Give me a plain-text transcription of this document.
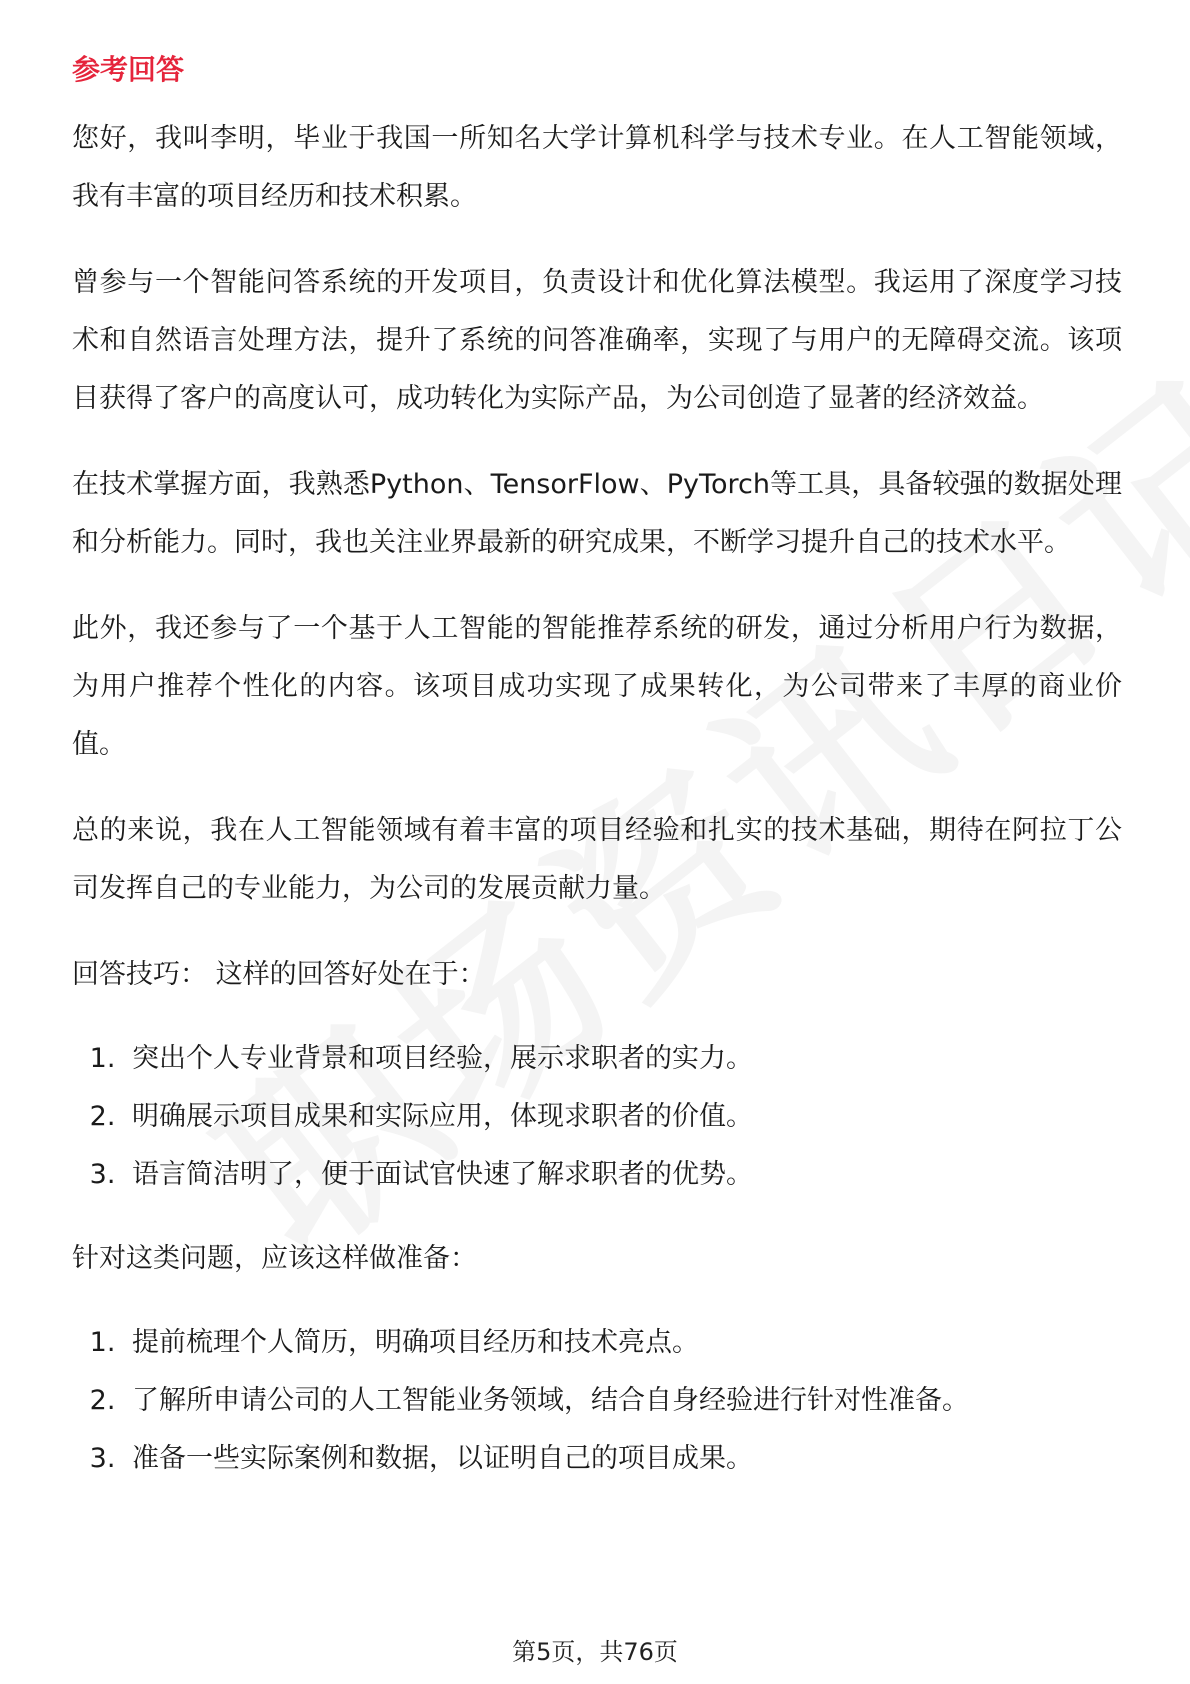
参考回答

您好，我叫李明，毕业于我国一所知名大学计算机科学与技术专业。在人工智能领域，我有丰富的项目经历和技术积累。

曾参与一个智能问答系统的开发项目，负责设计和优化算法模型。我运用了深度学习技术和自然语言处理方法，提升了系统的问答准确率，实现了与用户的无障碍交流。该项目获得了客户的高度认可，成功转化为实际产品，为公司创造了显著的经济效益。

在技术掌握方面，我熟悉Python、TensorFlow、PyTorch等工具，具备较强的数据处理和分析能力。同时，我也关注业界最新的研究成果，不断学习提升自己的技术水平。

此外，我还参与了一个基于人工智能的智能推荐系统的研发，通过分析用户行为数据，为用户推荐个性化的内容。该项目成功实现了成果转化，为公司带来了丰厚的商业价值。

总的来说，我在人工智能领域有着丰富的项目经验和扎实的技术基础，期待在阿拉丁公司发挥自己的专业能力，为公司的发展贡献力量。

回答技巧： 这样的回答好处在于：
1. 突出个人专业背景和项目经验，展示求职者的实力。
2. 明确展示项目成果和实际应用，体现求职者的价值。
3. 语言简洁明了，便于面试官快速了解求职者的优势。
针对这类问题，应该这样做准备：
1. 提前梳理个人简历，明确项目经历和技术亮点。
2. 了解所申请公司的人工智能业务领域，结合自身经验进行针对性准备。
3. 准备一些实际案例和数据，以证明自己的项目成果。
第5页，共76页
